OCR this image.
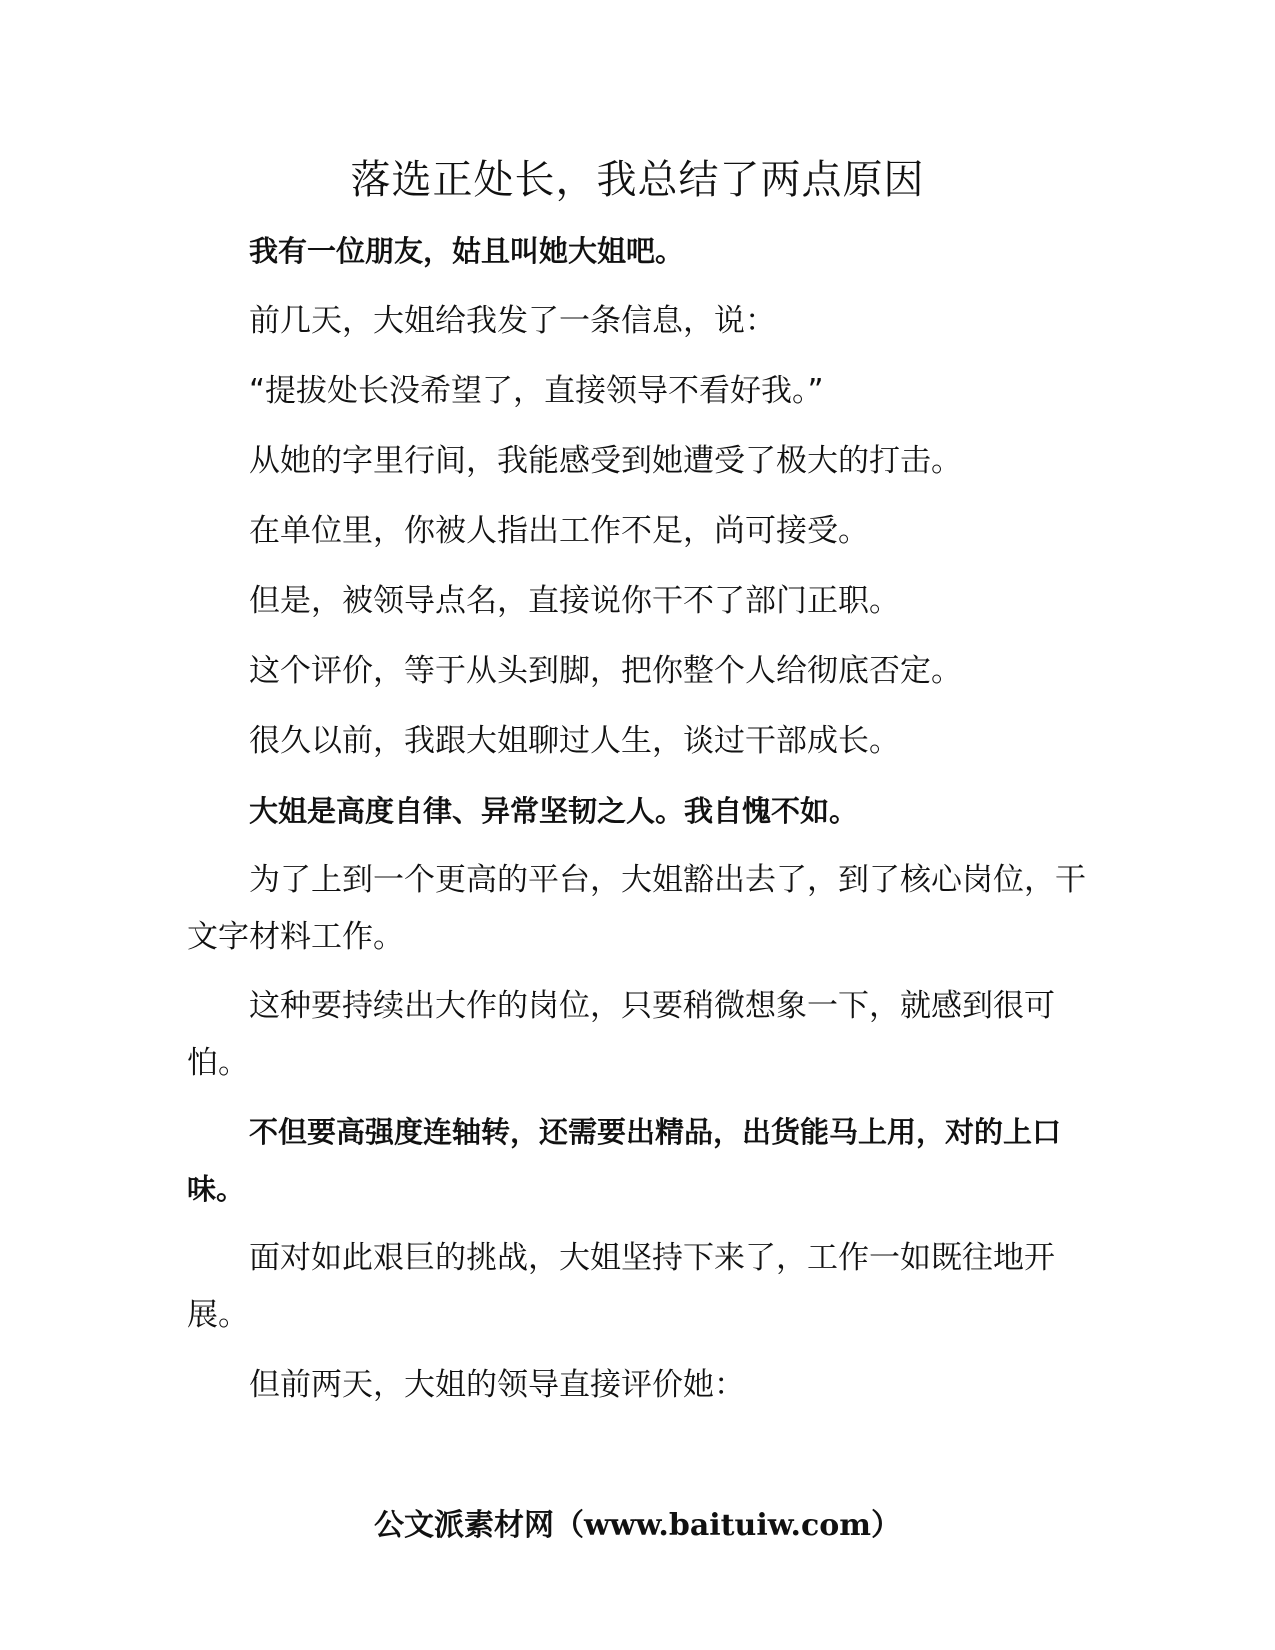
落选正处长，我总结了两点原因

我有一位朋友，姑且叫她大姐吧。

前几天，大姐给我发了一条信息，说：

“提拔处长没希望了，直接领导不看好我。”

从她的字里行间，我能感受到她遭受了极大的打击。

在单位里，你被人指出工作不足，尚可接受。

但是，被领导点名，直接说你干不了部门正职。

这个评价，等于从头到脚，把你整个人给彻底否定。

很久以前，我跟大姐聊过人生，谈过干部成长。

大姐是高度自律、异常坚韧之人。我自愧不如。

为了上到一个更高的平台，大姐豁出去了，到了核心岗位，干文字材料工作。

这种要持续出大作的岗位，只要稍微想象一下，就感到很可怕。

不但要高强度连轴转，还需要出精品，出货能马上用，对的上口味。

面对如此艰巨的挑战，大姐坚持下来了，工作一如既往地开展。

但前两天，大姐的领导直接评价她：

公文派素材网（www.baituiw.com）
